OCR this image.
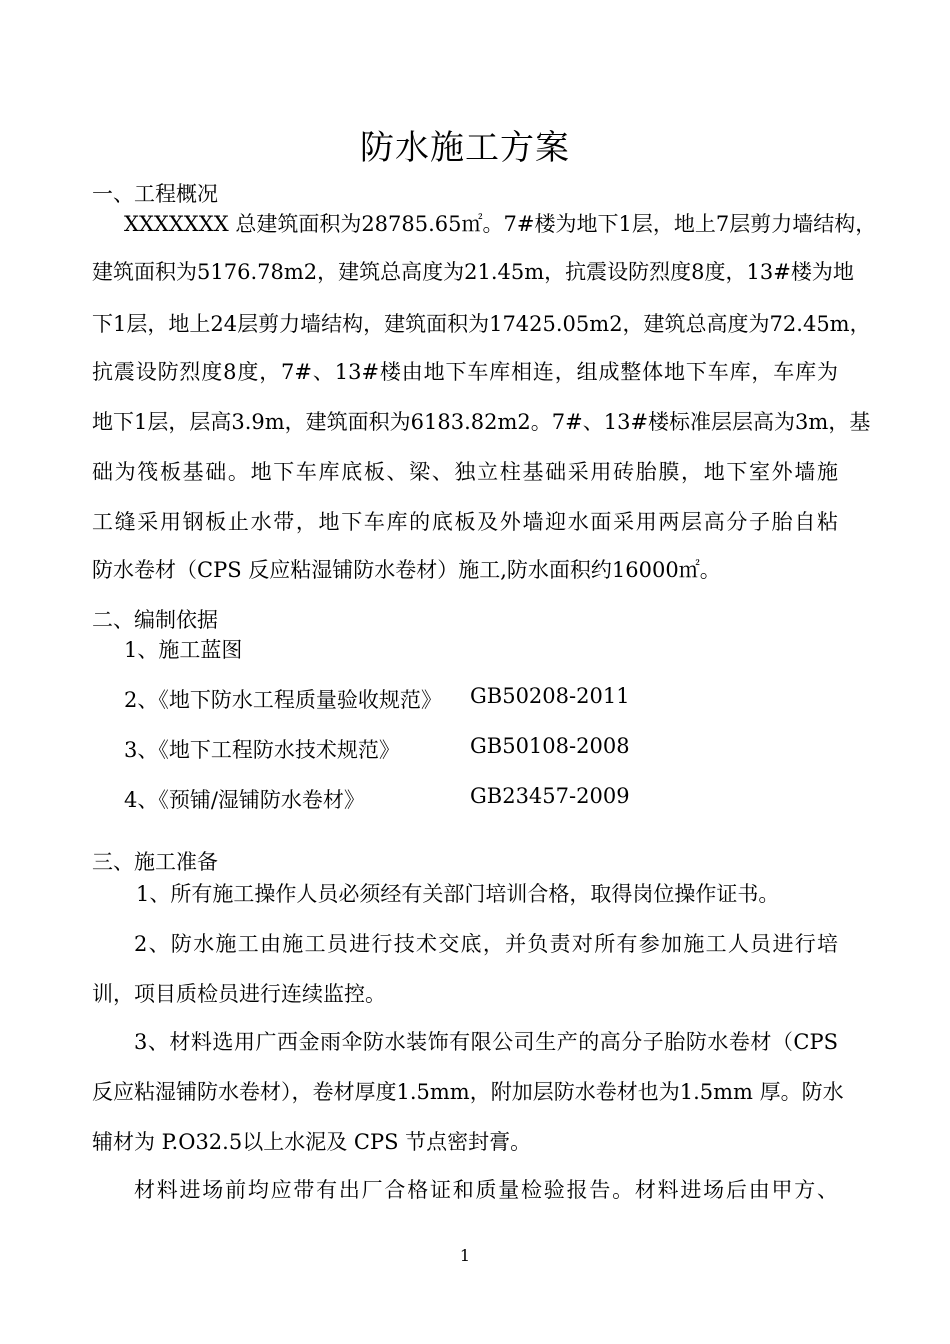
防水施工方案
一、工程概况
XXXXXXX 总建筑面积为28785.65㎡。7#楼为地下1层，地上7层剪力墙结构，
建筑面积为5176.78m2，建筑总高度为21.45m，抗震设防烈度8度，13#楼为地
下1层，地上24层剪力墙结构，建筑面积为17425.05m2，建筑总高度为72.45m，
抗震设防烈度8度，7#、13#楼由地下车库相连，组成整体地下车库，车库为
地下1层，层高3.9m，建筑面积为6183.82m2。7#、13#楼标准层层高为3m，基
础为筏板基础。地下车库底板、梁、独立柱基础采用砖胎膜，地下室外墙施
工缝采用钢板止水带，地下车库的底板及外墙迎水面采用两层高分子胎自粘
防水卷材（CPS 反应粘湿铺防水卷材）施工,防水面积约16000㎡。
二、编制依据
1、施工蓝图
2、《地下防水工程质量验收规范》 GB50208-2011
3、《地下工程防水技术规范》	GB50108-2008
4、《预铺/湿铺防水卷材》	GB23457-2009
三、施工准备
1、所有施工操作人员必须经有关部门培训合格，取得岗位操作证书。
2、防水施工由施工员进行技术交底，并负责对所有参加施工人员进行培
训，项目质检员进行连续监控。
3、材料选用广西金雨伞防水装饰有限公司生产的高分子胎防水卷材（CPS
反应粘湿铺防水卷材），卷材厚度1.5mm，附加层防水卷材也为1.5mm 厚。防水
辅材为 P.O32.5以上水泥及 CPS 节点密封膏。
材料进场前均应带有出厂合格证和质量检验报告。材料进场后由甲方、
1
